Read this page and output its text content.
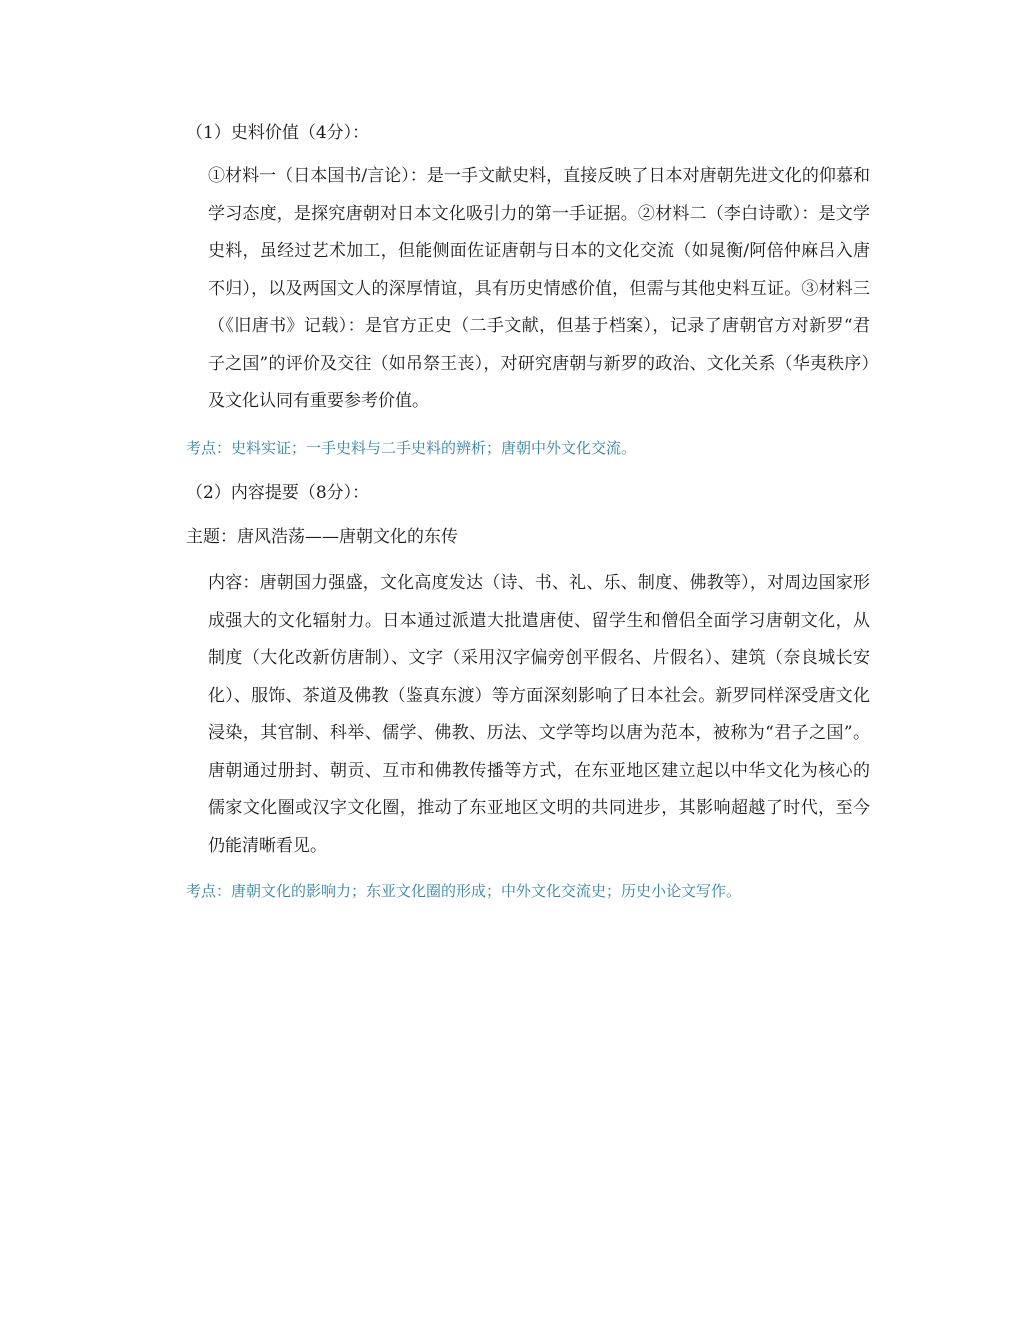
（1）史料价值（4分）：
①材料一（日本国书/言论）：是一手文献史料，直接反映了日本对唐朝先进文化的仰慕和学习态度，是探究唐朝对日本文化吸引力的第一手证据。②材料二（李白诗歌）：是文学史料，虽经过艺术加工，但能侧面佐证唐朝与日本的文化交流（如晁衡/阿倍仲麻吕入唐不归），以及两国文人的深厚情谊，具有历史情感价值，但需与其他史料互证。③材料三（《旧唐书》记载）：是官方正史（二手文献，但基于档案），记录了唐朝官方对新罗“君子之国”的评价及交往（如吊祭王丧），对研究唐朝与新罗的政治、文化关系（华夷秩序）及文化认同有重要参考价值。
考点：史料实证；一手史料与二手史料的辨析；唐朝中外文化交流。
（2）内容提要（8分）：
主题：唐风浩荡——唐朝文化的东传
内容：唐朝国力强盛，文化高度发达（诗、书、礼、乐、制度、佛教等），对周边国家形成强大的文化辐射力。日本通过派遣大批遣唐使、留学生和僧侣全面学习唐朝文化，从制度（大化改新仿唐制）、文字（采用汉字偏旁创平假名、片假名）、建筑（奈良城长安化）、服饰、茶道及佛教（鉴真东渡）等方面深刻影响了日本社会。新罗同样深受唐文化浸染，其官制、科举、儒学、佛教、历法、文学等均以唐为范本，被称为“君子之国”。唐朝通过册封、朝贡、互市和佛教传播等方式，在东亚地区建立起以中华文化为核心的儒家文化圈或汉字文化圈，推动了东亚地区文明的共同进步，其影响超越了时代，至今仍能清晰看见。
考点：唐朝文化的影响力；东亚文化圈的形成；中外文化交流史；历史小论文写作。
